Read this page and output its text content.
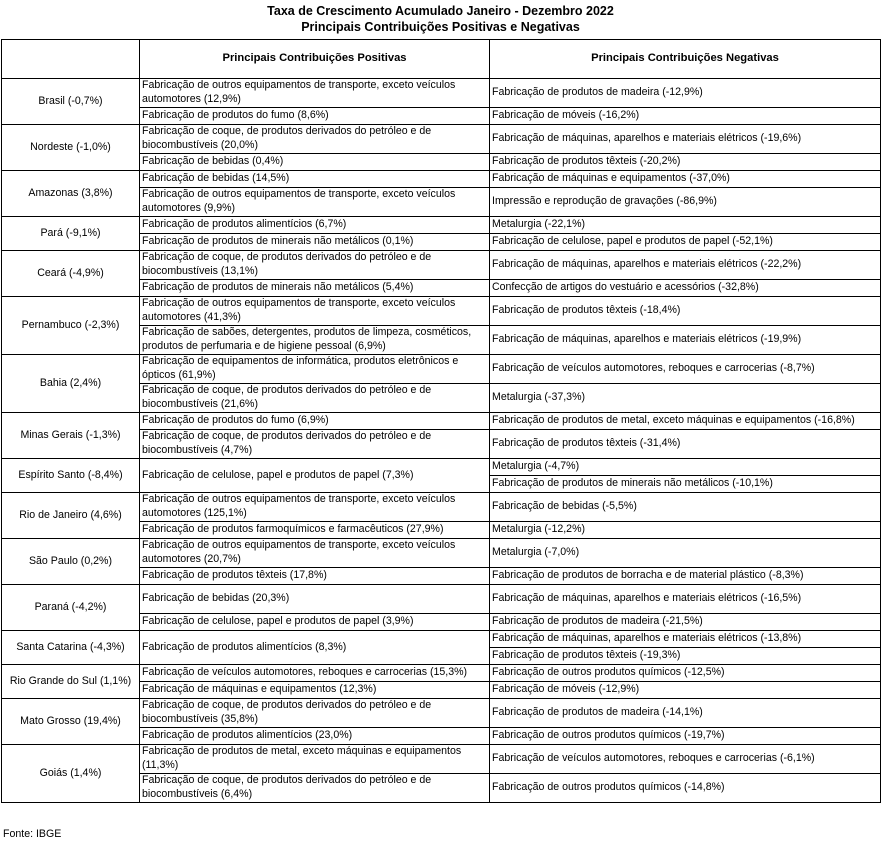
Taxa de Crescimento Acumulado Janeiro - Dezembro 2022
Principais Contribuições Positivas e Negativas
	Principais Contribuições Positivas	Principais Contribuições Negativas
Brasil (-0,7%)	Fabricação de outros equipamentos de transporte, exceto veículos automotores (12,9%)	Fabricação de produtos de madeira (-12,9%)
	Fabricação de produtos do fumo (8,6%)	Fabricação de móveis (-16,2%)
Nordeste (-1,0%)	Fabricação de coque, de produtos derivados do petróleo e de biocombustíveis (20,0%)	Fabricação de máquinas, aparelhos e materiais elétricos (-19,6%)
	Fabricação de bebidas (0,4%)	Fabricação de produtos têxteis (-20,2%)
Amazonas (3,8%)	Fabricação de bebidas (14,5%)	Fabricação de máquinas e equipamentos (-37,0%)
	Fabricação de outros equipamentos de transporte, exceto veículos automotores (9,9%)	Impressão e reprodução de gravações (-86,9%)
Pará (-9,1%)	Fabricação de produtos alimentícios (6,7%)	Metalurgia (-22,1%)
	Fabricação de produtos de minerais não metálicos (0,1%)	Fabricação de celulose, papel e produtos de papel (-52,1%)
Ceará (-4,9%)	Fabricação de coque, de produtos derivados do petróleo e de biocombustíveis (13,1%)	Fabricação de máquinas, aparelhos e materiais elétricos (-22,2%)
	Fabricação de produtos de minerais não metálicos (5,4%)	Confecção de artigos do vestuário e acessórios (-32,8%)
Pernambuco (-2,3%)	Fabricação de outros equipamentos de transporte, exceto veículos automotores (41,3%)	Fabricação de produtos têxteis (-18,4%)
	Fabricação de sabões, detergentes, produtos de limpeza, cosméticos, produtos de perfumaria e de higiene pessoal (6,9%)	Fabricação de máquinas, aparelhos e materiais elétricos (-19,9%)
Bahia (2,4%)	Fabricação de equipamentos de informática, produtos eletrônicos e ópticos (61,9%)	Fabricação de veículos automotores, reboques e carrocerias (-8,7%)
	Fabricação de coque, de produtos derivados do petróleo e de biocombustíveis (21,6%)	Metalurgia (-37,3%)
Minas Gerais (-1,3%)	Fabricação de produtos do fumo (6,9%)	Fabricação de produtos de metal, exceto máquinas e equipamentos (-16,8%)
	Fabricação de coque, de produtos derivados do petróleo e de biocombustíveis (4,7%)	Fabricação de produtos têxteis (-31,4%)
Espírito Santo (-8,4%)	Fabricação de celulose, papel e produtos de papel (7,3%)	Metalurgia (-4,7%)
		Fabricação de produtos de minerais não metálicos (-10,1%)
Rio de Janeiro (4,6%)	Fabricação de outros equipamentos de transporte, exceto veículos automotores (125,1%)	Fabricação de bebidas (-5,5%)
	Fabricação de produtos farmoquímicos e farmacêuticos (27,9%)	Metalurgia (-12,2%)
São Paulo (0,2%)	Fabricação de outros equipamentos de transporte, exceto veículos automotores (20,7%)	Metalurgia (-7,0%)
	Fabricação de produtos têxteis (17,8%)	Fabricação de produtos de borracha e de material plástico (-8,3%)
Paraná (-4,2%)	Fabricação de bebidas (20,3%)	Fabricação de máquinas, aparelhos e materiais elétricos (-16,5%)
	Fabricação de celulose, papel e produtos de papel (3,9%)	Fabricação de produtos de madeira (-21,5%)
Santa Catarina (-4,3%)	Fabricação de produtos alimentícios (8,3%)	Fabricação de máquinas, aparelhos e materiais elétricos (-13,8%)
		Fabricação de produtos têxteis (-19,3%)
Rio Grande do Sul (1,1%)	Fabricação de veículos automotores, reboques e carrocerias (15,3%)	Fabricação de outros produtos químicos (-12,5%)
	Fabricação de máquinas e equipamentos (12,3%)	Fabricação de móveis (-12,9%)
Mato Grosso (19,4%)	Fabricação de coque, de produtos derivados do petróleo e de biocombustíveis (35,8%)	Fabricação de produtos de madeira (-14,1%)
	Fabricação de produtos alimentícios (23,0%)	Fabricação de outros produtos químicos (-19,7%)
Goiás (1,4%)	Fabricação de produtos de metal, exceto máquinas e equipamentos (11,3%)	Fabricação de veículos automotores, reboques e carrocerias (-6,1%)
	Fabricação de coque, de produtos derivados do petróleo e de biocombustíveis (6,4%)	Fabricação de outros produtos químicos (-14,8%)
Fonte: IBGE
